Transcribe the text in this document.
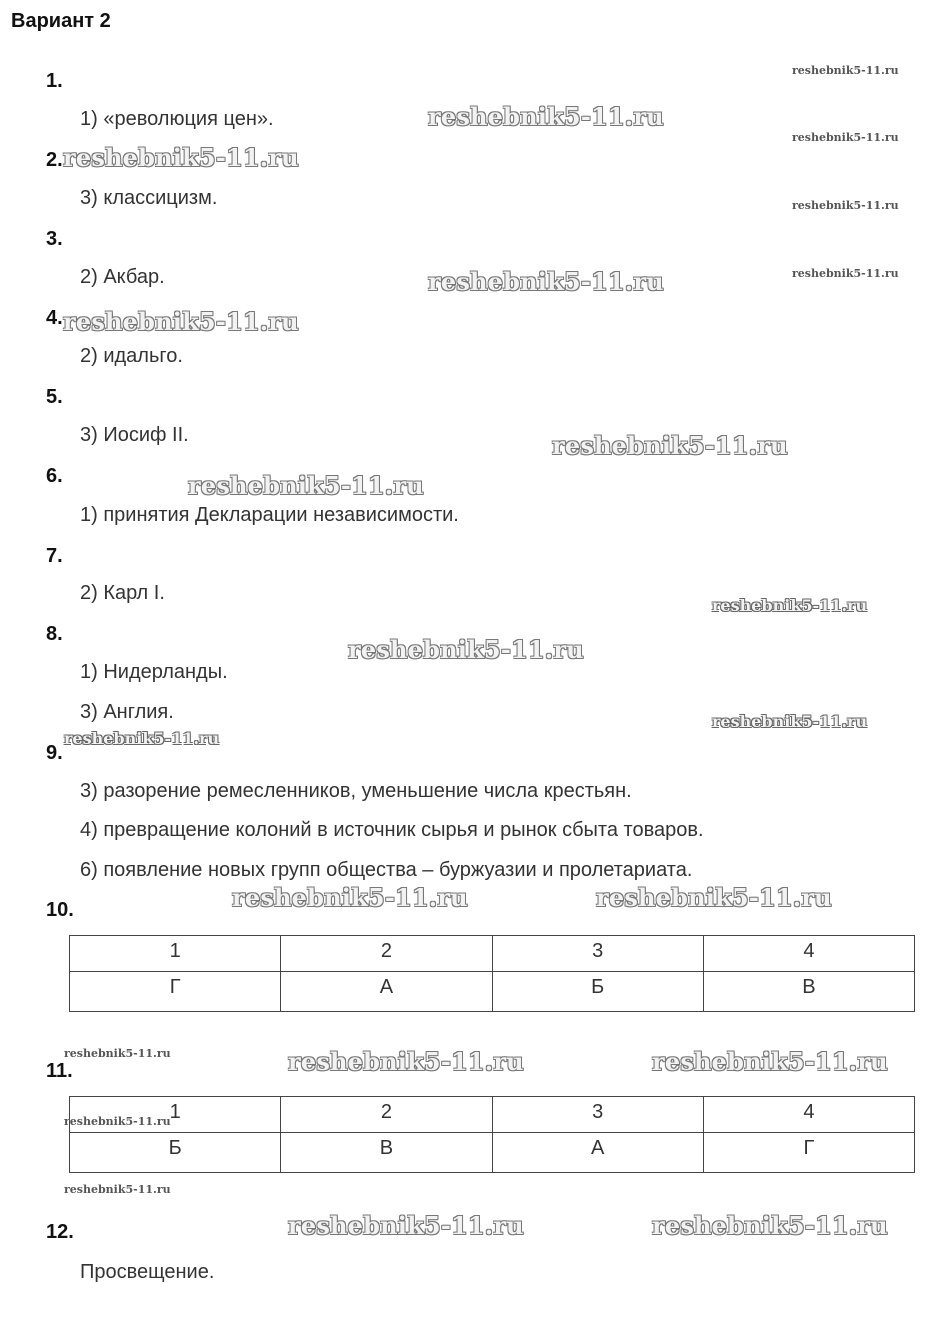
Вариант 2
1.
1) «революция цен».
2.
3) классицизм.
3.
2) Акбар.
4.
2) идальго.
5.
3) Иосиф II.
6.
1) принятия Декларации независимости.
7.
2) Карл I.
8.
1) Нидерланды.
3) Англия.
9.
3) разорение ремесленников, уменьшение числа крестьян.
4) превращение колоний в источник сырья и рынок сбыта товаров.
6) появление новых групп общества – буржуазии и пролетариата.
10.
1	2	3	4
Г	А	Б	В
11.
1	2	3	4
Б	В	А	Г
12.
Просвещение.
reshebnik5-11.ru
reshebnik5-11.ru
reshebnik5-11.ru
reshebnik5-11.ru
reshebnik5-11.ru
reshebnik5-11.ru
reshebnik5-11.ru
reshebnik5-11.ru	reshebnik5-11.ru
reshebnik5-11.ru	reshebnik5-11.ru
reshebnik5-11.ru	reshebnik5-11.ru
reshebnik5-11.ru
reshebnik5-11.ru
reshebnik5-11.ru
reshebnik5-11.ru
reshebnik5-11.ru
reshebnik5-11.ru
reshebnik5-11.ru
reshebnik5-11.ru
reshebnik5-11.ru
reshebnik5-11.ru
